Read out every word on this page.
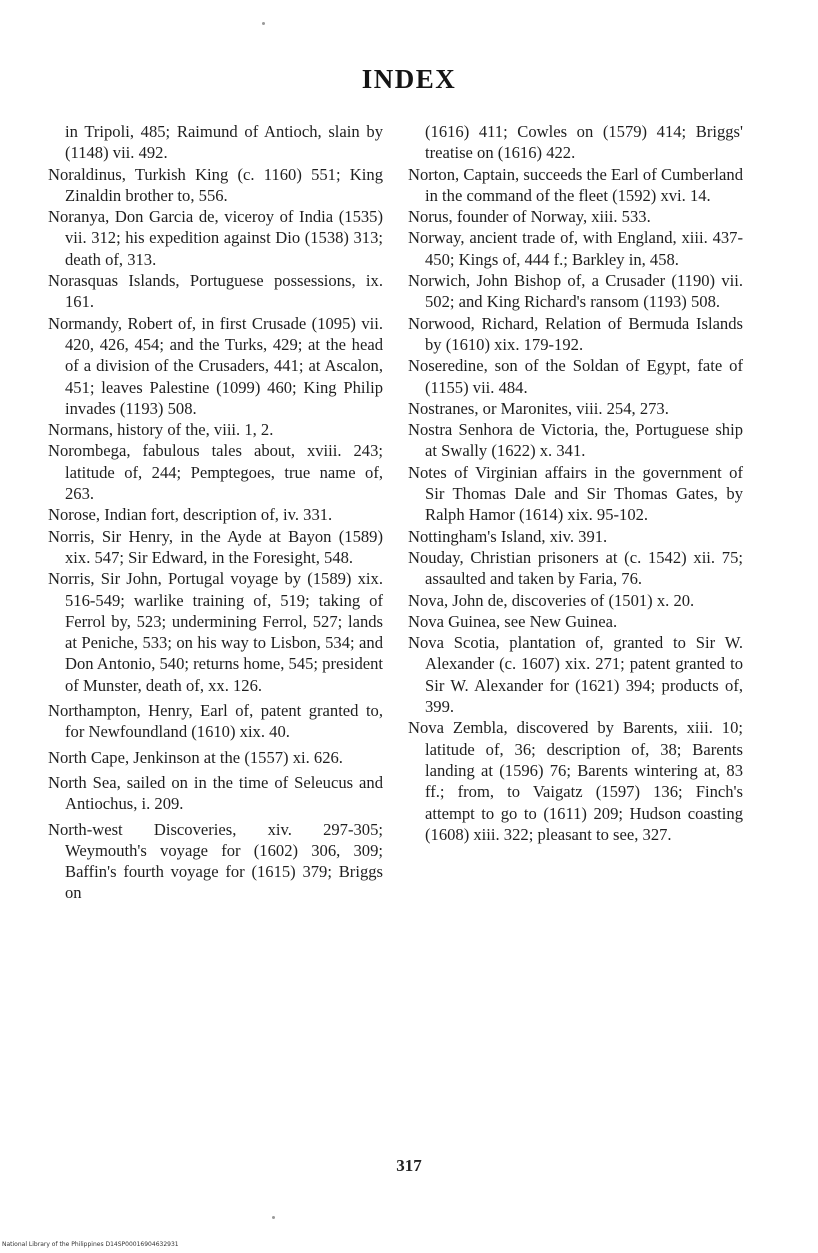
INDEX

in Tripoli, 485; Raimund of Antioch, slain by (1148) vii. 492.

Noraldinus, Turkish King (c. 1160) 551; King Zinaldin brother to, 556.

Noranya, Don Garcia de, viceroy of India (1535) vii. 312; his expedition against Dio (1538) 313; death of, 313.

Norasquas Islands, Portuguese possessions, ix. 161.

Normandy, Robert of, in first Crusade (1095) vii. 420, 426, 454; and the Turks, 429; at the head of a division of the Crusaders, 441; at Ascalon, 451; leaves Palestine (1099) 460; King Philip invades (1193) 508.

Normans, history of the, viii. 1, 2.

Norombega, fabulous tales about, xviii. 243; latitude of, 244; Pemptegoes, true name of, 263.

Norose, Indian fort, description of, iv. 331.

Norris, Sir Henry, in the Ayde at Bayon (1589) xix. 547; Sir Edward, in the Foresight, 548.

Norris, Sir John, Portugal voyage by (1589) xix. 516-549; warlike training of, 519; taking of Ferrol by, 523; undermining Ferrol, 527; lands at Peniche, 533; on his way to Lisbon, 534; and Don Antonio, 540; returns home, 545; president of Munster, death of, xx. 126.

Northampton, Henry, Earl of, patent granted to, for Newfoundland (1610) xix. 40.

North Cape, Jenkinson at the (1557) xi. 626.

North Sea, sailed on in the time of Seleucus and Antiochus, i. 209.

North-west Discoveries, xiv. 297-305; Weymouth's voyage for (1602) 306, 309; Baffin's fourth voyage for (1615) 379; Briggs on

(1616) 411; Cowles on (1579) 414; Briggs' treatise on (1616) 422.

Norton, Captain, succeeds the Earl of Cumberland in the command of the fleet (1592) xvi. 14.

Norus, founder of Norway, xiii. 533.

Norway, ancient trade of, with England, xiii. 437-450; Kings of, 444 f.; Barkley in, 458.

Norwich, John Bishop of, a Crusader (1190) vii. 502; and King Richard's ransom (1193) 508.

Norwood, Richard, Relation of Bermuda Islands by (1610) xix. 179-192.

Noseredine, son of the Soldan of Egypt, fate of (1155) vii. 484.

Nostranes, or Maronites, viii. 254, 273.

Nostra Senhora de Victoria, the, Portuguese ship at Swally (1622) x. 341.

Notes of Virginian affairs in the government of Sir Thomas Dale and Sir Thomas Gates, by Ralph Hamor (1614) xix. 95-102.

Nottingham's Island, xiv. 391.

Nouday, Christian prisoners at (c. 1542) xii. 75; assaulted and taken by Faria, 76.

Nova, John de, discoveries of (1501) x. 20.

Nova Guinea, see New Guinea.

Nova Scotia, plantation of, granted to Sir W. Alexander (c. 1607) xix. 271; patent granted to Sir W. Alexander for (1621) 394; products of, 399.

Nova Zembla, discovered by Barents, xiii. 10; latitude of, 36; description of, 38; Barents landing at (1596) 76; Barents wintering at, 83 ff.; from, to Vaigatz (1597) 136; Finch's attempt to go to (1611) 209; Hudson coasting (1608) xiii. 322; pleasant to see, 327.

317
National Library of the Philippines D14SP00016904632931
